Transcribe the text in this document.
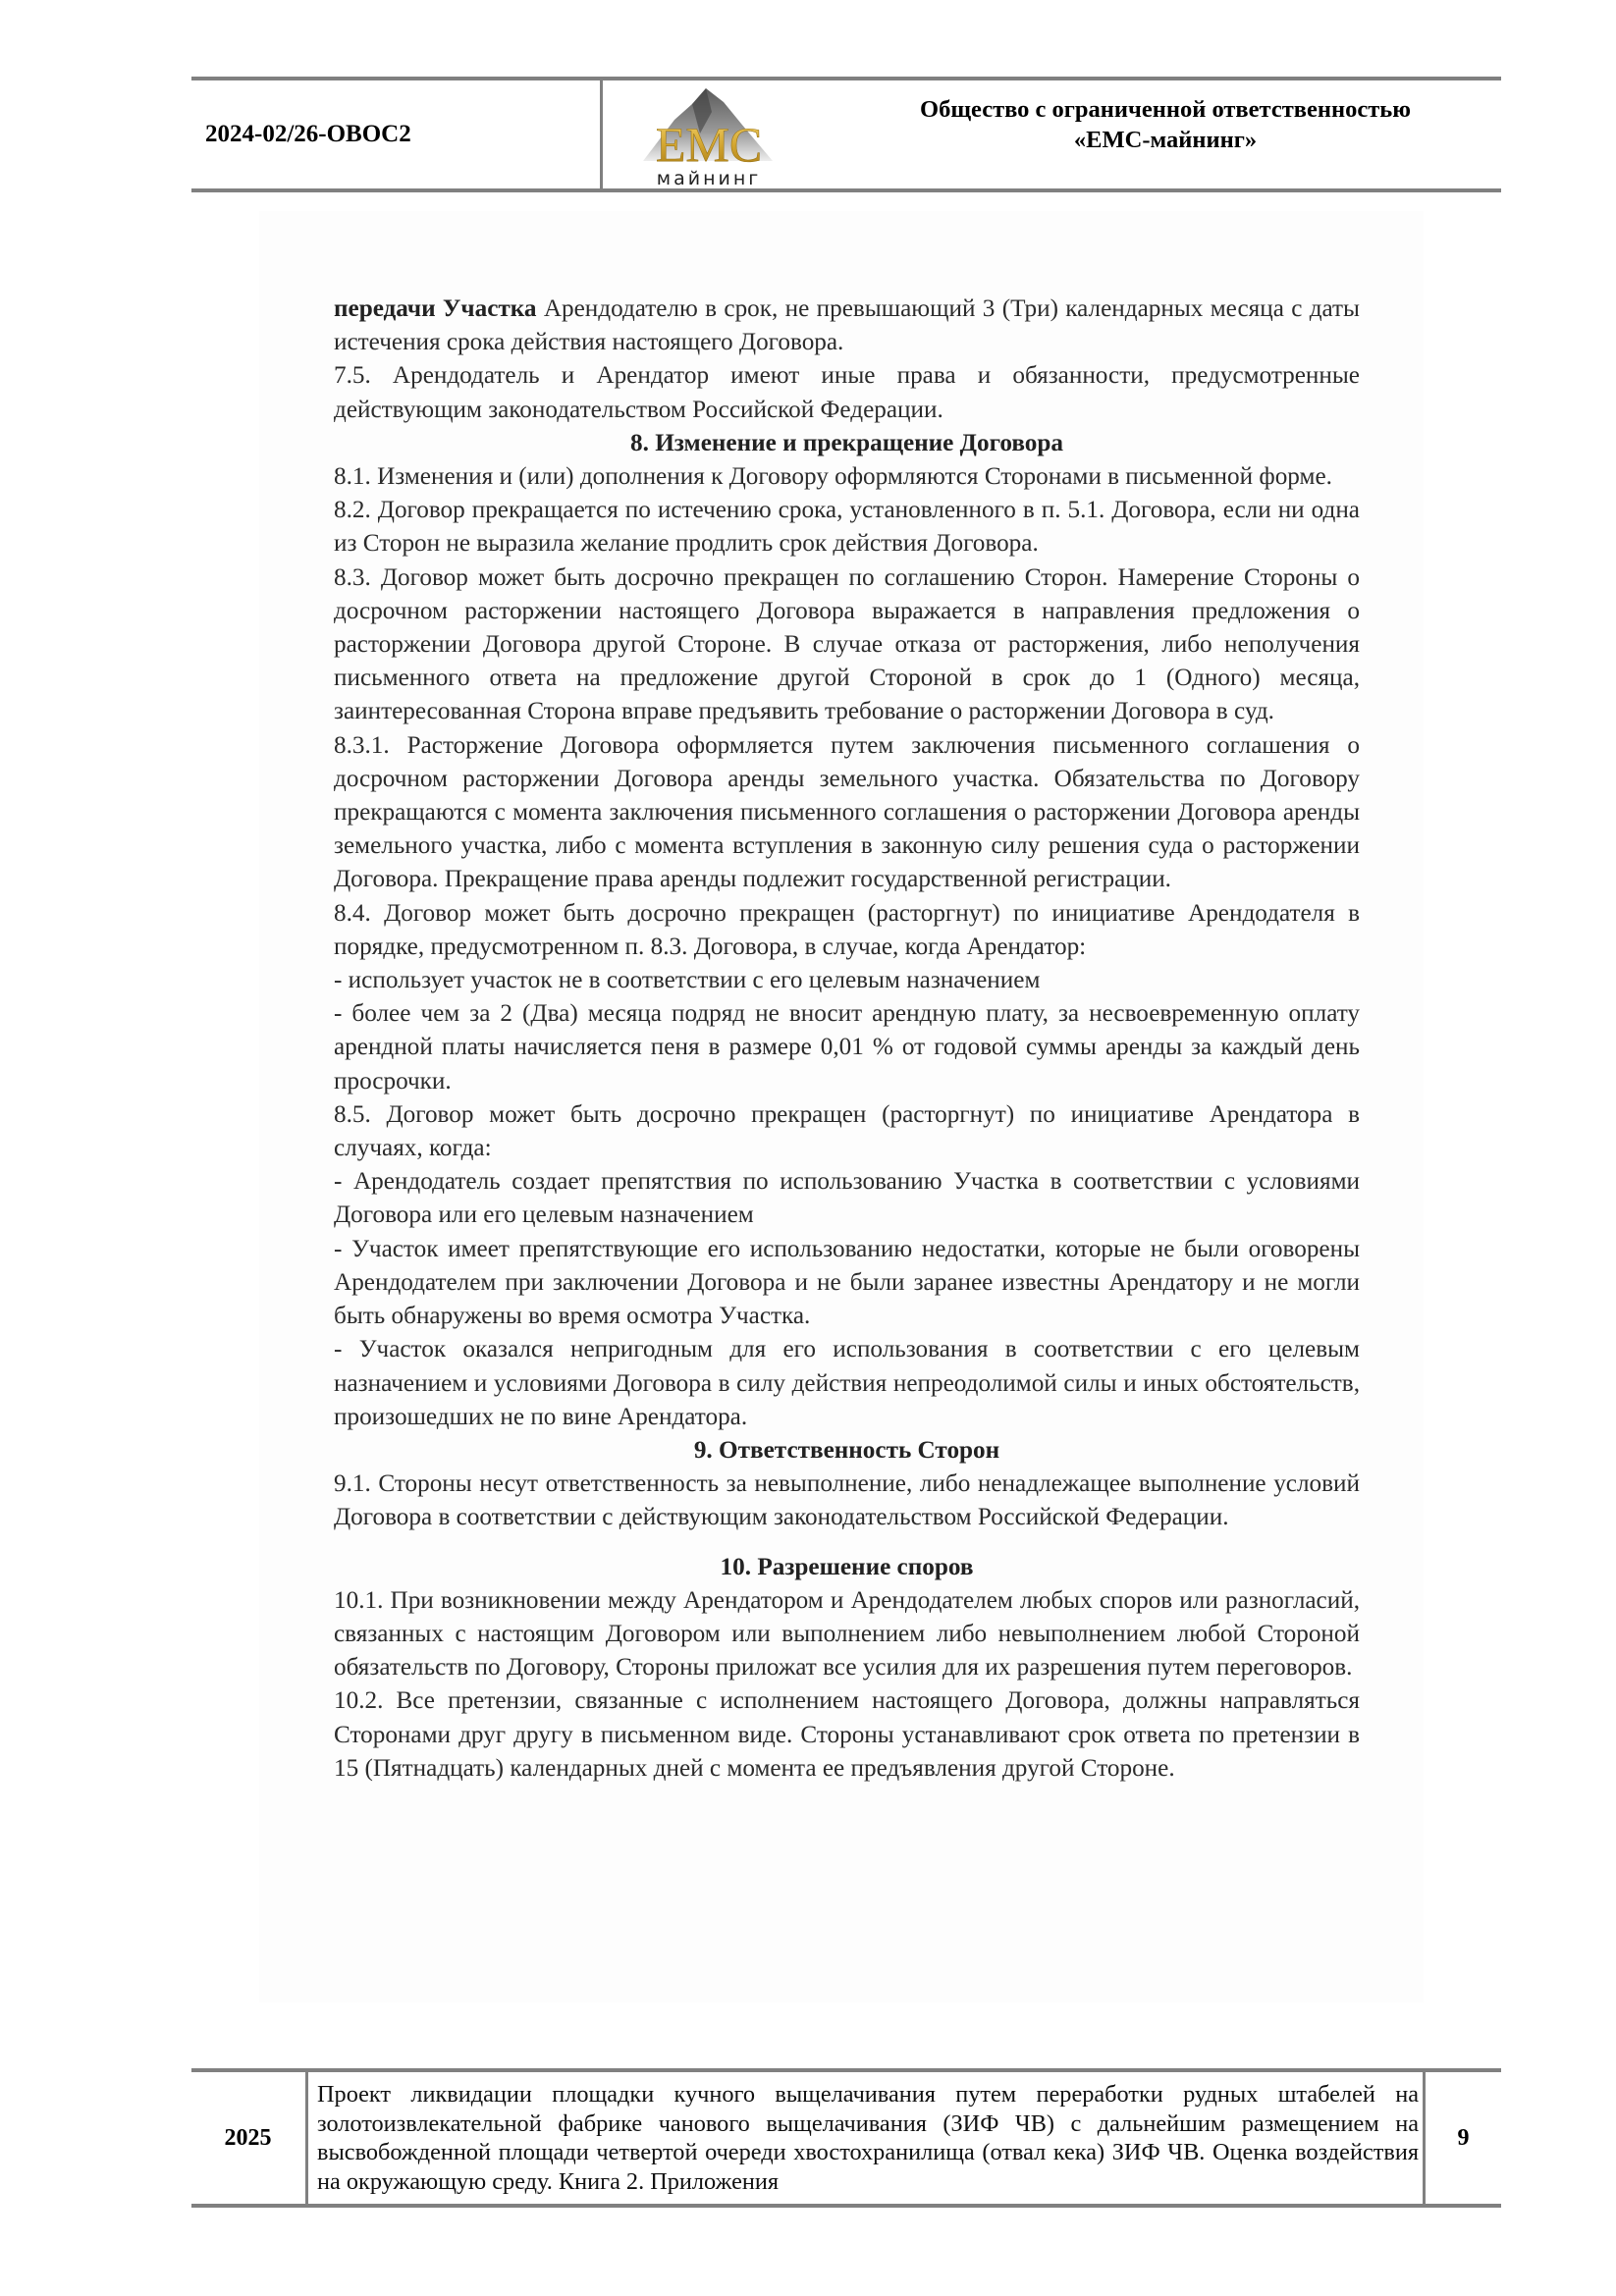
2024-02/26-OBOC2	EMC
майнинг
Общество с ограниченной ответственностью
«ЕМС-майнинг»

передачи Участка Арендодателю в срок, не превышающий 3 (Три) календарных месяца с даты истечения срока действия настоящего Договора.

7.5. Арендодатель и Арендатор имеют иные права и обязанности, предусмотренные действующим законодательством Российской Федерации.

8. Изменение и прекращение Договора

8.1. Изменения и (или) дополнения к Договору оформляются Сторонами в письменной форме.

8.2. Договор прекращается по истечению срока, установленного в п. 5.1. Договора, если ни одна из Сторон не выразила желание продлить срок действия Договора.

8.3. Договор может быть досрочно прекращен по соглашению Сторон. Намерение Стороны о досрочном расторжении настоящего Договора выражается в направления предложения о расторжении Договора другой Стороне. В случае отказа от расторжения, либо неполучения письменного ответа на предложение другой Стороной в срок до 1 (Одного) месяца, заинтересованная Сторона вправе предъявить требование о расторжении Договора в суд.

8.3.1. Расторжение Договора оформляется путем заключения письменного соглашения о досрочном расторжении Договора аренды земельного участка. Обязательства по Договору прекращаются с момента заключения письменного соглашения о расторжении Договора аренды земельного участка, либо с момента вступления в законную силу решения суда о расторжении Договора. Прекращение права аренды подлежит государственной регистрации.

8.4. Договор может быть досрочно прекращен (расторгнут) по инициативе Арендодателя в порядке, предусмотренном п. 8.3. Договора, в случае, когда Арендатор:

- использует участок не в соответствии с его целевым назначением

- более чем за 2 (Два) месяца подряд не вносит арендную плату, за несвоевременную оплату арендной платы начисляется пеня в размере 0,01 % от годовой суммы аренды за каждый день просрочки.

8.5. Договор может быть досрочно прекращен (расторгнут) по инициативе Арендатора в случаях, когда:

- Арендодатель создает препятствия по использованию Участка в соответствии с условиями Договора или его целевым назначением

- Участок имеет препятствующие его использованию недостатки, которые не были оговорены Арендодателем при заключении Договора и не были заранее известны Арендатору и не могли быть обнаружены во время осмотра Участка.

- Участок оказался непригодным для его использования в соответствии с его целевым назначением и условиями Договора в силу действия непреодолимой силы и иных обстоятельств, произошедших не по вине Арендатора.

9. Ответственность Сторон

9.1. Стороны несут ответственность за невыполнение, либо ненадлежащее выполнение условий Договора в соответствии с действующим законодательством Российской Федерации.

10. Разрешение споров

10.1. При возникновении между Арендатором и Арендодателем любых споров или разногласий, связанных с настоящим Договором или выполнением либо невыполнением любой Стороной обязательств по Договору, Стороны приложат все усилия для их разрешения путем переговоров.

10.2. Все претензии, связанные с исполнением настоящего Договора, должны направляться Сторонами друг другу в письменном виде. Стороны устанавливают срок ответа по претензии в 15 (Пятнадцать) календарных дней с момента ее предъявления другой Стороне.

2025
Проект ликвидации площадки кучного выщелачивания путем переработки рудных штабелей на золотоизвлекательной фабрике чанового выщелачивания (ЗИФ ЧВ) с дальнейшим размещением на высвобожденной площади четвертой очереди хвостохранилища (отвал кека) ЗИФ ЧВ. Оценка воздействия на окружающую среду. Книга 2. Приложения
9
